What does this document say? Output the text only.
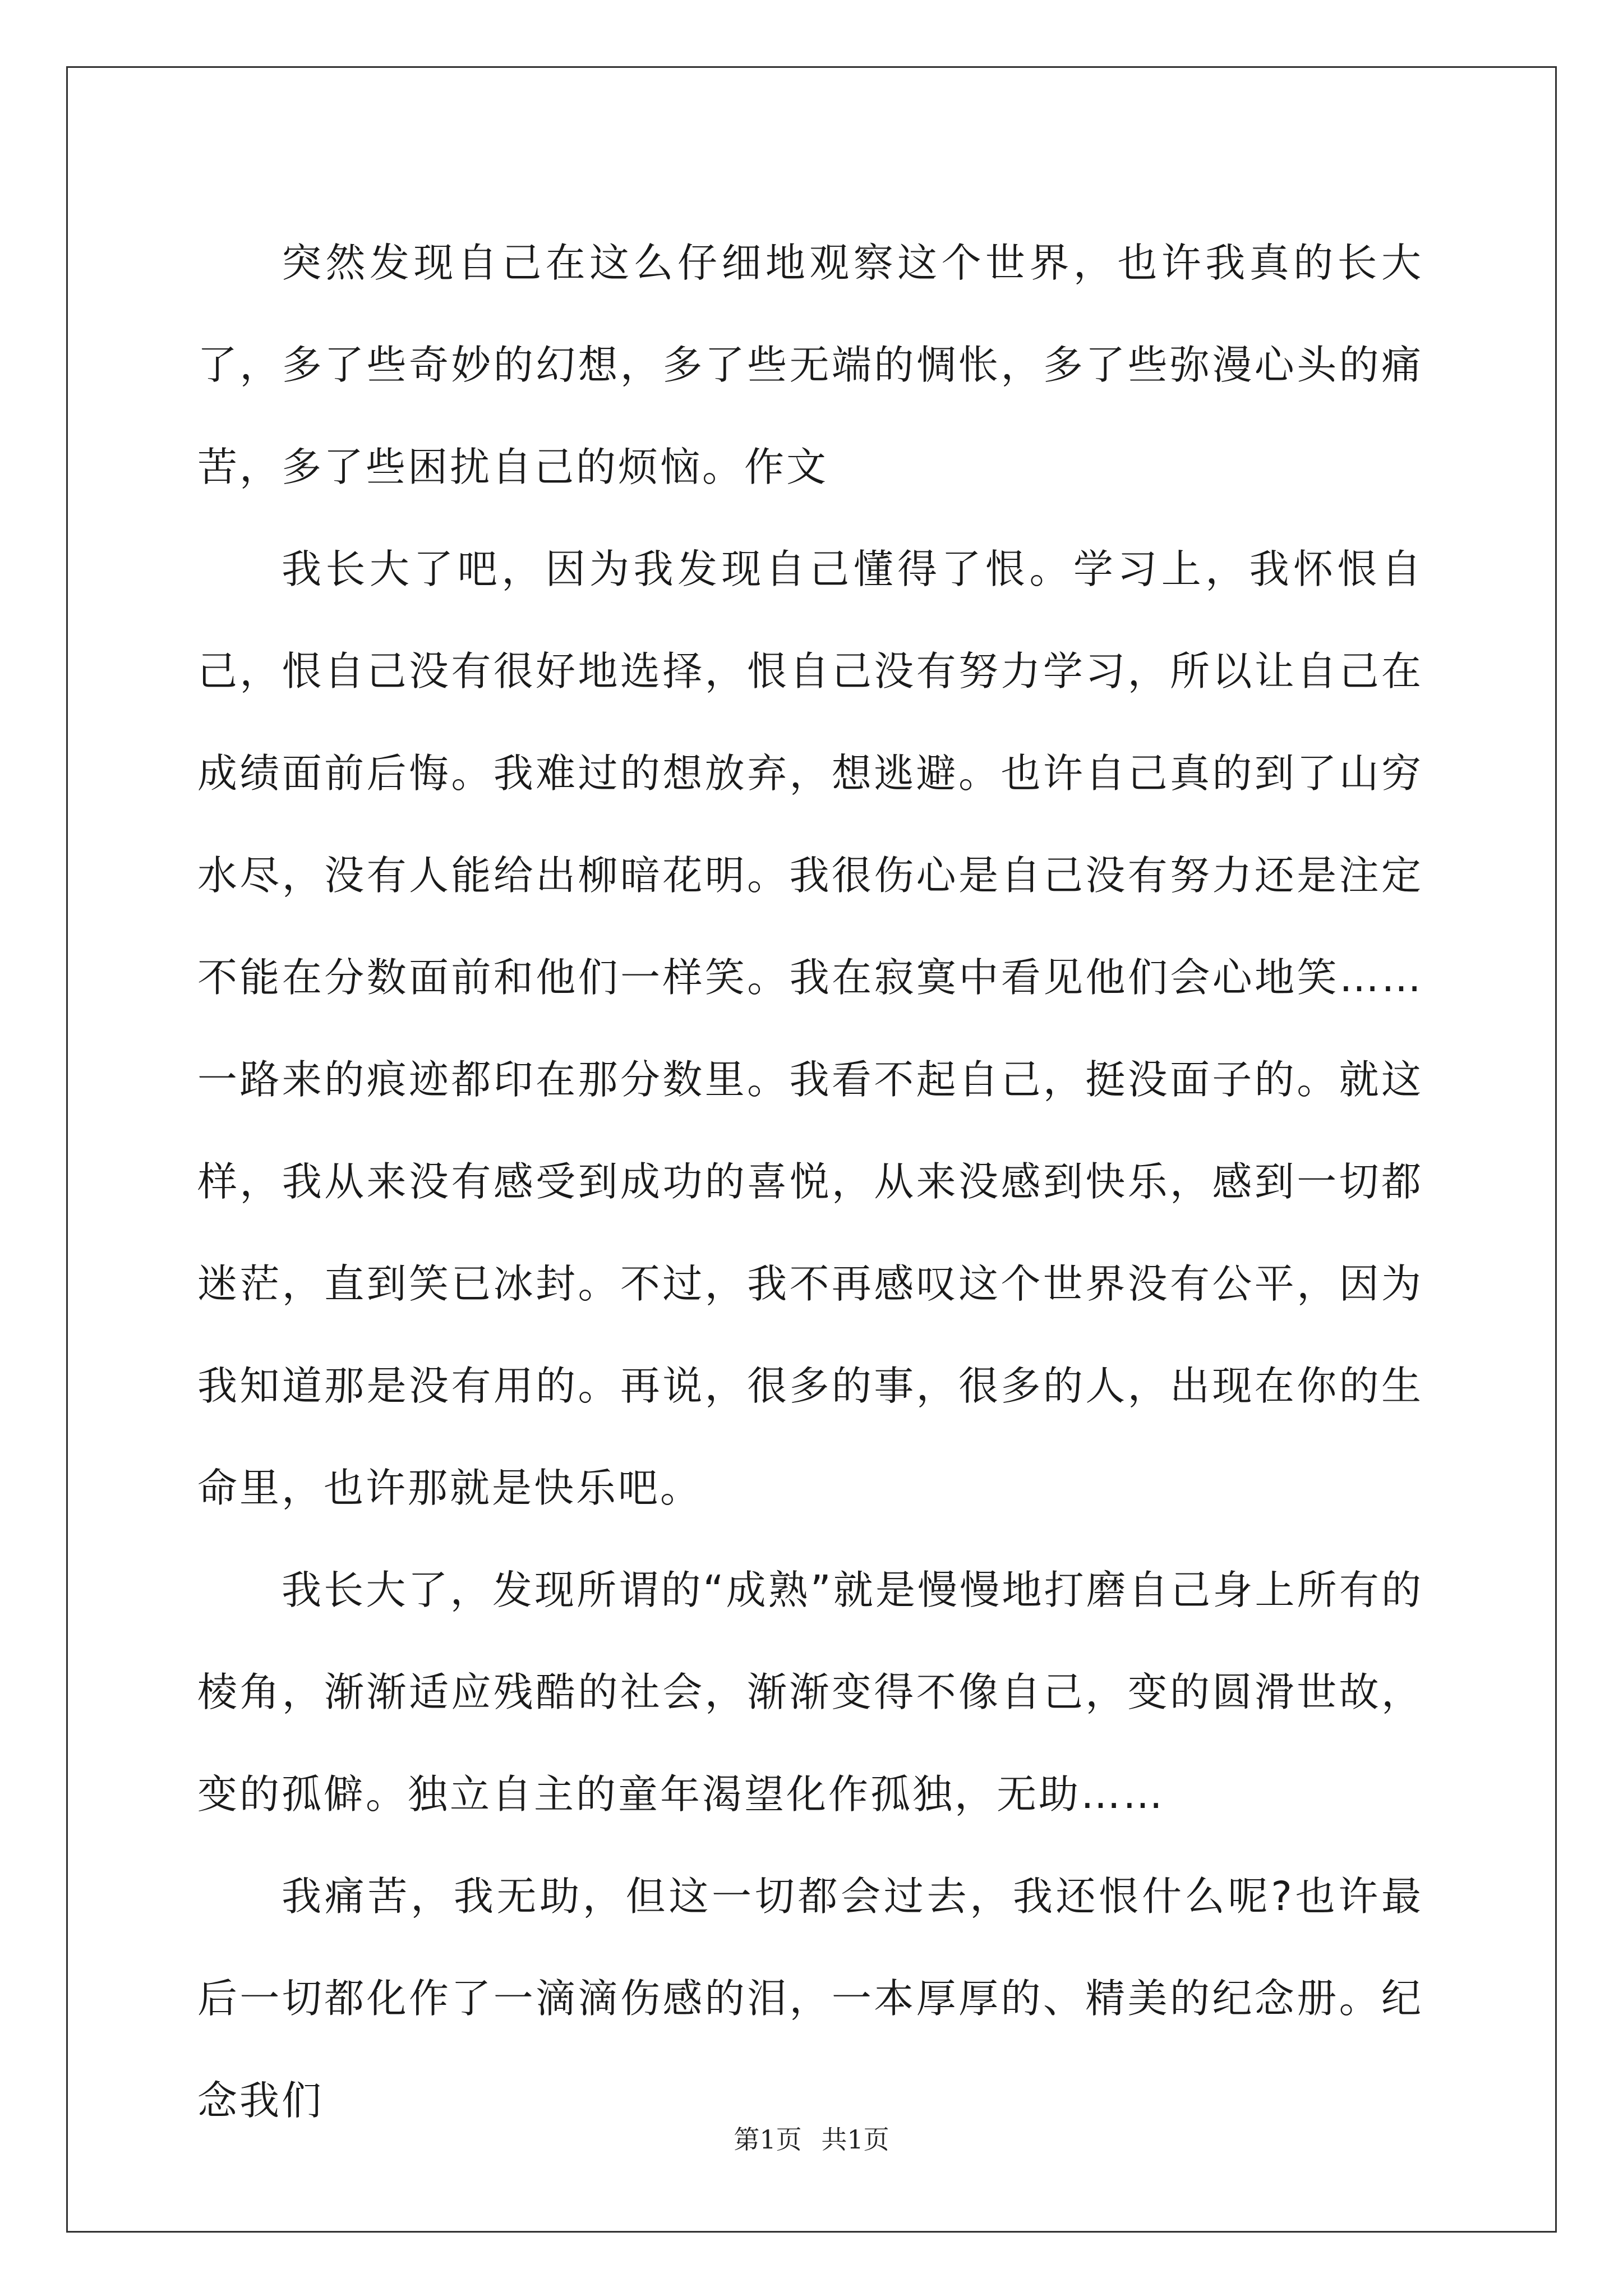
突然发现自己在这么仔细地观察这个世界，也许我真的长大了，多了些奇妙的幻想，多了些无端的惆怅，多了些弥漫心头的痛苦，多了些困扰自己的烦恼。作文

我长大了吧，因为我发现自己懂得了恨。学习上，我怀恨自己，恨自己没有很好地选择，恨自己没有努力学习，所以让自己在成绩面前后悔。我难过的想放弃，想逃避。也许自己真的到了山穷水尽，没有人能给出柳暗花明。我很伤心是自己没有努力还是注定不能在分数面前和他们一样笑。我在寂寞中看见他们会心地笑……一路来的痕迹都印在那分数里。我看不起自己，挺没面子的。就这样，我从来没有感受到成功的喜悦，从来没感到快乐，感到一切都迷茫，直到笑已冰封。不过，我不再感叹这个世界没有公平，因为我知道那是没有用的。再说，很多的事，很多的人，出现在你的生命里，也许那就是快乐吧。

我长大了，发现所谓的“成熟”就是慢慢地打磨自己身上所有的棱角，渐渐适应残酷的社会，渐渐变得不像自己，变的圆滑世故，变的孤僻。独立自主的童年渴望化作孤独，无助……

我痛苦，我无助，但这一切都会过去，我还恨什么呢?也许最后一切都化作了一滴滴伤感的泪，一本厚厚的、精美的纪念册。纪念我们

第1页 共1页
